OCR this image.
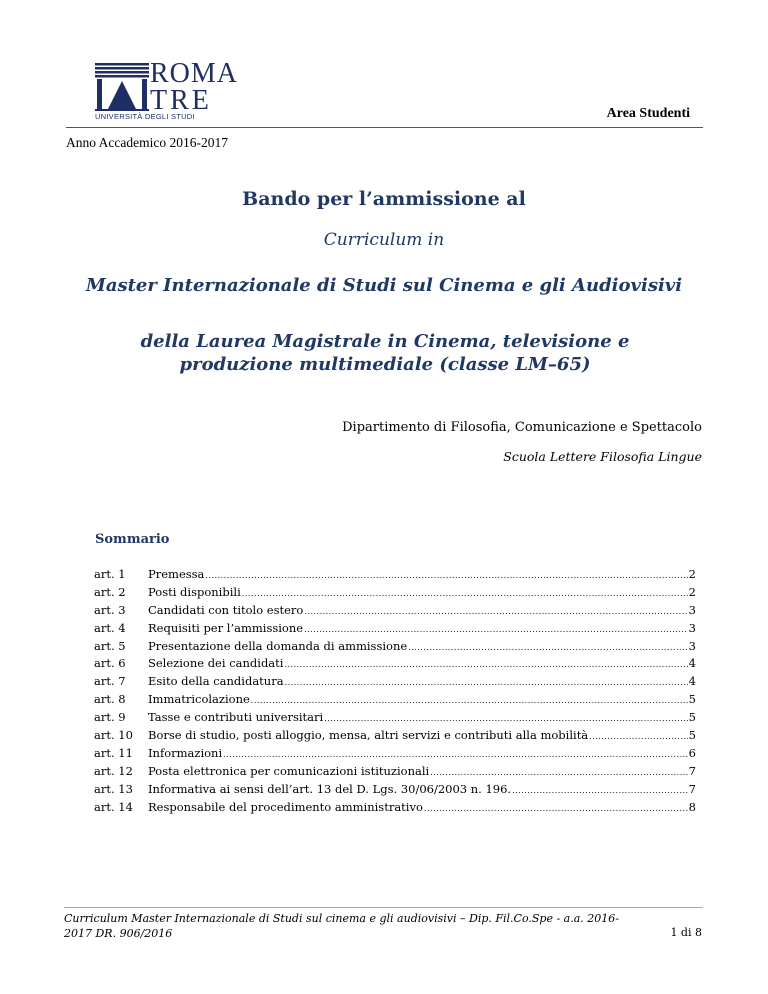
ROMA
TRE
UNIVERSITÀ DEGLI STUDI	Area Studenti
Anno Accademico 2016-2017
Bando per l’ammissione al
Curriculum in
Master Internazionale di Studi sul Cinema e gli Audiovisivi
della Laurea Magistrale in Cinema, televisione e produzione multimediale (classe LM–65)
Dipartimento di Filosofia, Comunicazione e Spettacolo
Scuola Lettere Filosofia Lingue
Sommario
art. 1	Premessa .....	2
art. 2	Posti disponibili .....	2
art. 3	Candidati con titolo estero .....	3
art. 4	Requisiti per l’ammissione .....	3
art. 5	Presentazione della domanda di ammissione .....	3
art. 6	Selezione dei candidati .....	4
art. 7	Esito della candidatura .....	4
art. 8	Immatricolazione .....	5
art. 9	Tasse e contributi universitari .....	5
art. 10	Borse di studio, posti alloggio, mensa, altri servizi e contributi alla mobilità .....	5
art. 11	Informazioni .....	6
art. 12	Posta elettronica per comunicazioni istituzionali .....	7
art. 13	Informativa ai sensi dell’art. 13 del D. Lgs. 30/06/2003 n. 196. .....	7
art. 14	Responsabile del procedimento amministrativo .....	8
Curriculum Master Internazionale di Studi sul cinema e gli audiovisivi – Dip. Fil.Co.Spe - a.a. 2016-2017 DR. 906/2016	1 di 8
